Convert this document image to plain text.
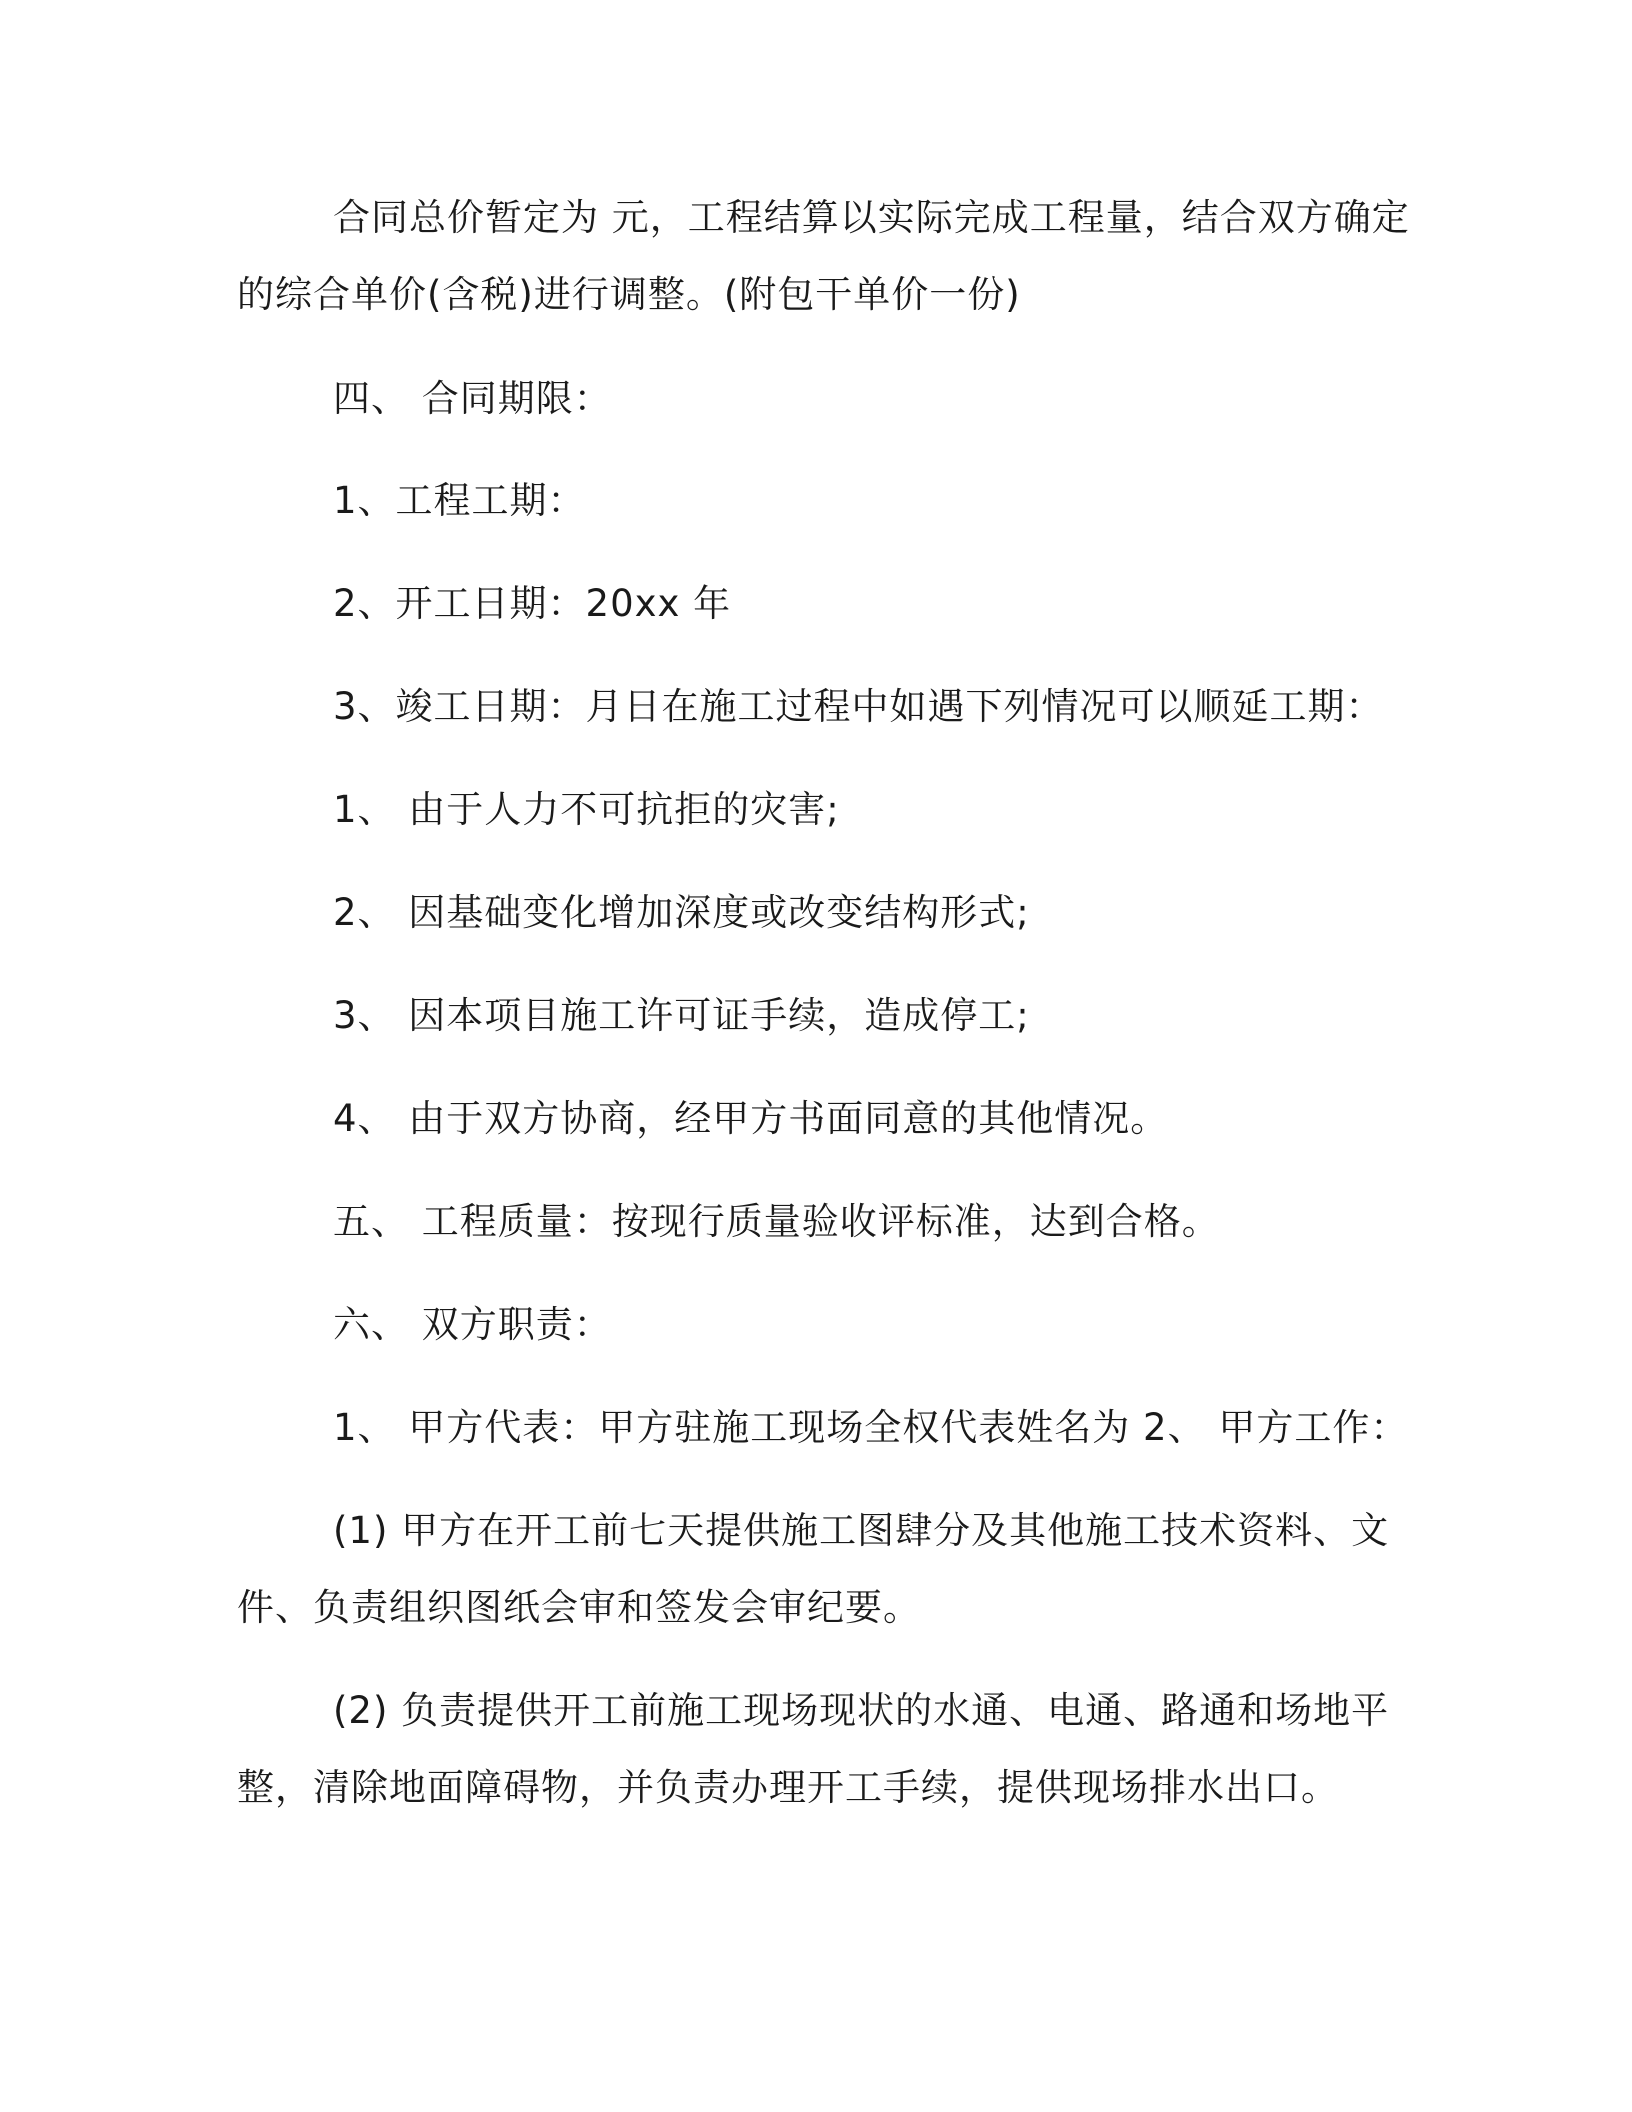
合同总价暂定为 元，工程结算以实际完成工程量，结合双方确定
的综合单价(含税)进行调整。(附包干单价一份)
四、 合同期限：
1、工程工期：
2、开工日期：20xx 年
3、竣工日期：月日在施工过程中如遇下列情况可以顺延工期：
1、 由于人力不可抗拒的灾害;
2、 因基础变化增加深度或改变结构形式;
3、 因本项目施工许可证手续，造成停工;
4、 由于双方协商，经甲方书面同意的其他情况。
五、 工程质量：按现行质量验收评标准，达到合格。
六、 双方职责：
1、 甲方代表：甲方驻施工现场全权代表姓名为 2、 甲方工作：
(1) 甲方在开工前七天提供施工图肆分及其他施工技术资料、文
件、负责组织图纸会审和签发会审纪要。
(2) 负责提供开工前施工现场现状的水通、电通、路通和场地平
整，清除地面障碍物，并负责办理开工手续，提供现场排水出口。
